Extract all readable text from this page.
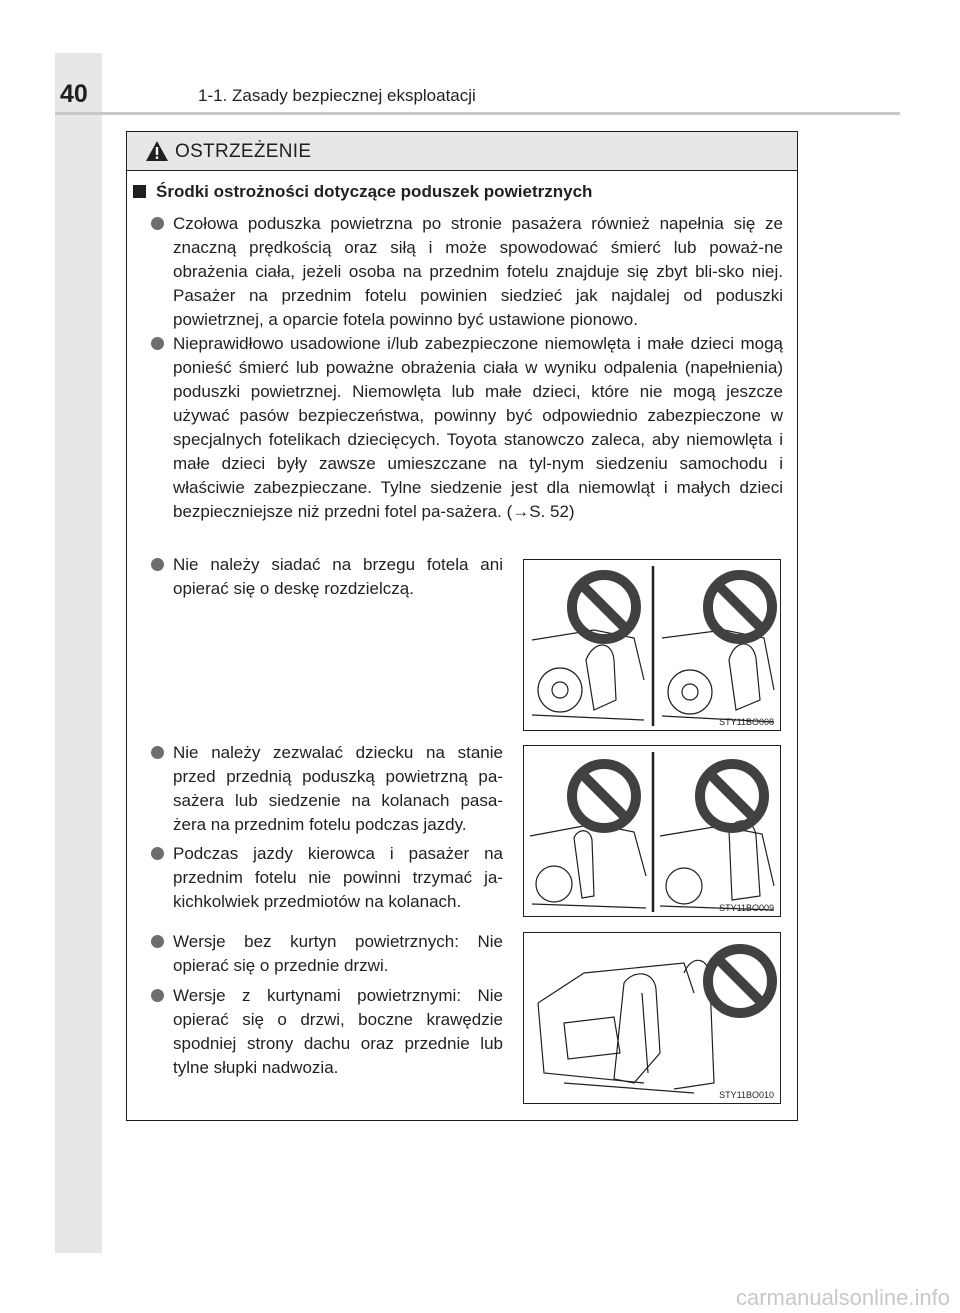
40	1-1. Zasady bezpiecznej eksploatacji
OSTRZEŻENIE
Środki ostrożności dotyczące poduszek powietrznych
Czołowa poduszka powietrzna po stronie pasażera również napełnia się ze znaczną prędkością oraz siłą i może spowodować śmierć lub poważ-ne obrażenia ciała, jeżeli osoba na przednim fotelu znajduje się zbyt bli-sko niej. Pasażer na przednim fotelu powinien siedzieć jak najdalej od poduszki powietrznej, a oparcie fotela powinno być ustawione pionowo.
Nieprawidłowo usadowione i/lub zabezpieczone niemowlęta i małe dzieci mogą ponieść śmierć lub poważne obrażenia ciała w wyniku odpalenia (napełnienia) poduszki powietrznej. Niemowlęta lub małe dzieci, które nie mogą jeszcze używać pasów bezpieczeństwa, powinny być odpowiednio zabezpieczone w specjalnych fotelikach dziecięcych. Toyota stanowczo zaleca, aby niemowlęta i małe dzieci były zawsze umieszczane na tyl-nym siedzeniu samochodu i właściwie zabezpieczane. Tylne siedzenie jest dla niemowląt i małych dzieci bezpieczniejsze niż przedni fotel pa-sażera. (→S. 52)
Nie należy siadać na brzegu fotela ani opierać się o deskę rozdzielczą.
Nie należy zezwalać dziecku na stanie przed przednią poduszką powietrzną pa-sażera lub siedzenie na kolanach pasa-żera na przednim fotelu podczas jazdy.
Podczas jazdy kierowca i pasażer na przednim fotelu nie powinni trzymać ja-kichkolwiek przedmiotów na kolanach.
Wersje bez kurtyn powietrznych: Nie opierać się o przednie drzwi.
Wersje z kurtynami powietrznymi: Nie opierać się o drzwi, boczne krawędzie spodniej strony dachu oraz przednie lub tylne słupki nadwozia.
STY11BO008
STY11BO009
STY11BO010
carmanualsonline.info
